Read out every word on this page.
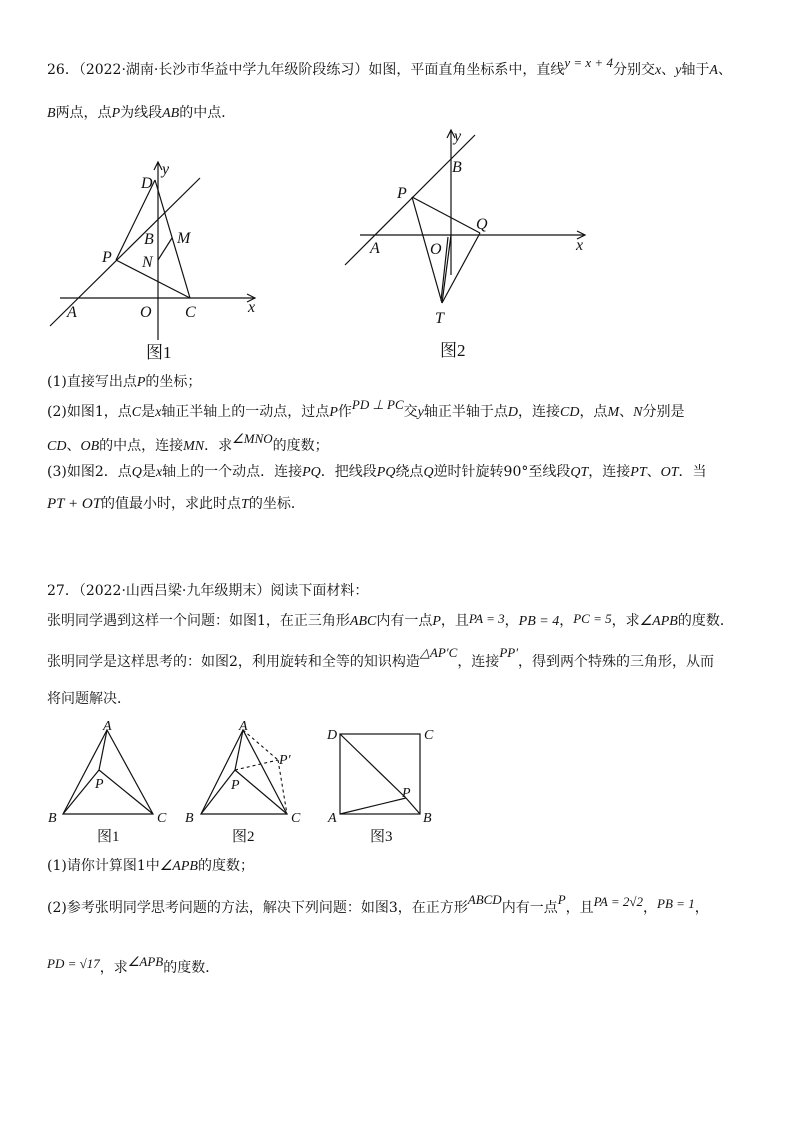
26．（2022·湖南·长沙市华益中学九年级阶段练习）如图，平面直角坐标系中，直线y = x + 4分别交x、y轴于A、
B两点，点P为线段AB的中点．
y
D
B M
P N
A	O C	x
图1
y
B
P
Q
A	O	x
T
图2
(1)直接写出点P的坐标；
(2)如图1，点C是x轴正半轴上的一动点，过点P作PD ⊥ PC交y轴正半轴于点D，连接CD，点M、N分别是
CD、OB的中点，连接MN．求∠MNO的度数；
(3)如图2．点Q是x轴上的一个动点．连接PQ．把线段PQ绕点Q逆时针旋转90°至线段QT，连接PT、OT．当
PT + OT的值最小时，求此时点T的坐标．
27．（2022·山西吕梁·九年级期末）阅读下面材料：
张明同学遇到这样一个问题：如图1，在正三角形ABC内有一点P，且PA = 3，PB = 4，PC = 5，求∠APB的度数．
张明同学是这样思考的：如图2，利用旋转和全等的知识构造△AP′C，连接PP′，得到两个特殊的三角形，从而
将问题解决．
A
P
B	C
图1
A
P′
P
B	C
图2
D	C
P
A	B
图3
(1)请你计算图1中∠APB的度数；
(2)参考张明同学思考问题的方法，解决下列问题：如图3，在正方形ABCD内有一点P，且PA = 2√2，PB = 1，
PD = √17，求∠APB的度数．
